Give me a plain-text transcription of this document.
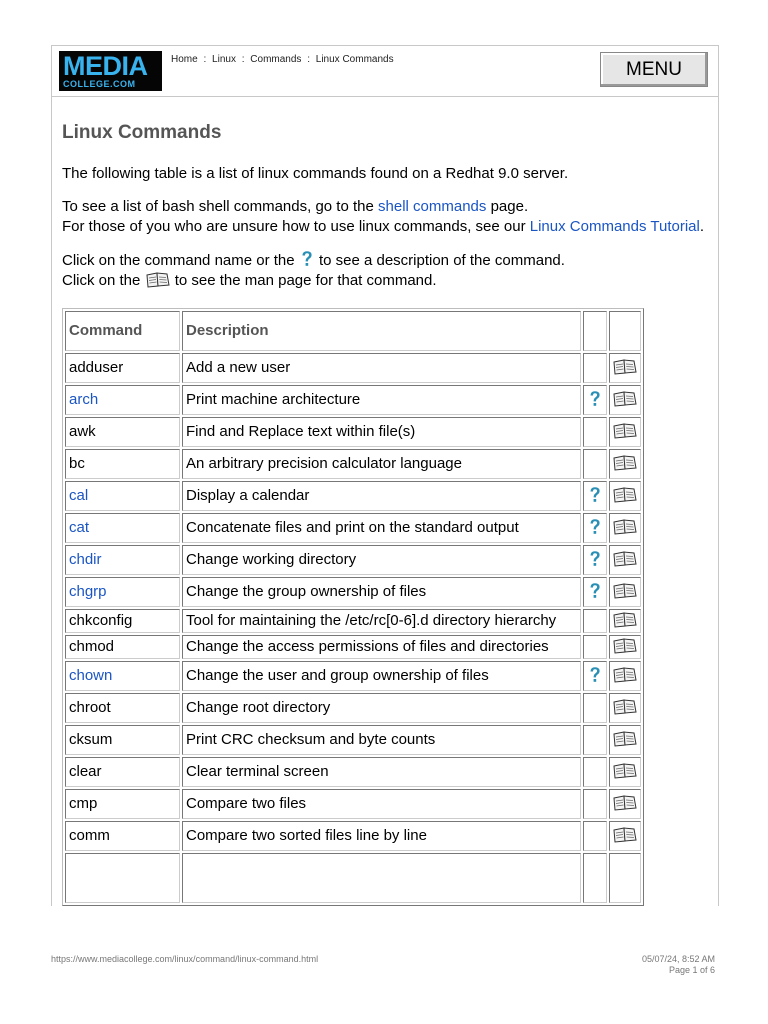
MEDIA
COLLEGE.COM
Home : Linux : Commands : Linux Commands	MENU
Linux Commands

The following table is a list of linux commands found on a Redhat 9.0 server.

To see a list of bash shell commands, go to the shell commands page.

For those of you who are unsure how to use linux commands, see our Linux Commands Tutorial.

Click on the command name or the  to see a description of the command.

Click on the  to see the man page for that command.

Command	Description		
adduser	Add a new user		
arch	Print machine architecture		
awk	Find and Replace text within file(s)		
bc	An arbitrary precision calculator language		
cal	Display a calendar		
cat	Concatenate files and print on the standard output		
chdir	Change working directory		
chgrp	Change the group ownership of files		
chkconfig	Tool for maintaining the /etc/rc[0-6].d directory hierarchy		
chmod	Change the access permissions of files and directories		
chown	Change the user and group ownership of files		
chroot	Change root directory		
cksum	Print CRC checksum and byte counts		
clear	Clear terminal screen		
cmp	Compare two files		
comm	Compare two sorted files line by line		

https://www.mediacollege.com/linux/command/linux-command.html	05/07/24, 8:52 AM
Page 1 of 6
